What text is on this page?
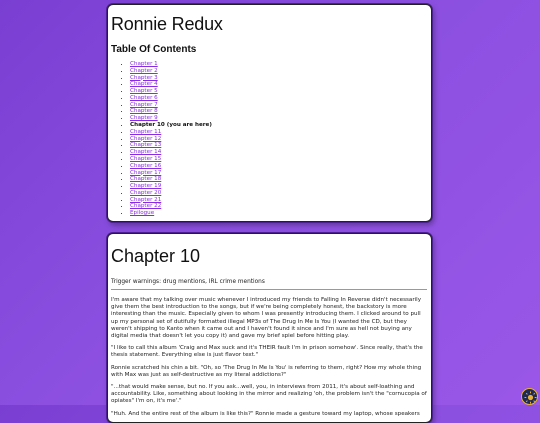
Ronnie Redux
Table Of Contents
• Chapter 1
• Chapter 2
• Chapter 3
• Chapter 4
• Chapter 5
• Chapter 6
• Chapter 7
• Chapter 8
• Chapter 9
• Chapter 10 (you are here)
• Chapter 11
• Chapter 12
• Chapter 13
• Chapter 14
• Chapter 15
• Chapter 16
• Chapter 17
• Chapter 18
• Chapter 19
• Chapter 20
• Chapter 21
• Chapter 22
• Epilogue
Chapter 10

Trigger warnings: drug mentions, IRL crime mentions

I'm aware that my talking over music whenever I introduced my friends to Falling In Reverse didn't necessarily give them the best introduction to the songs, but if we're being completely honest, the backstory is more interesting than the music. Especially given to whom I was presently introducing them. I clicked around to pull up my personal set of dutifully formatted illegal MP3s of The Drug In Me Is You (I wanted the CD, but they weren't shipping to Kanto when it came out and I haven't found it since and I'm sure as hell not buying any digital media that doesn't let you copy it) and gave my brief spiel before hitting play.

"I like to call this album 'Craig and Max suck and it's THEIR fault I'm in prison somehow'. Since really, that's the thesis statement. Everything else is just flavor text."

Ronnie scratched his chin a bit. "Oh, so 'The Drug In Me Is You' is referring to them, right? How my whole thing with Max was just as self-destructive as my literal addictions?"

"...that would make sense, but no. If you ask...well, you, in interviews from 2011, it's about self-loathing and accountability. Like, something about looking in the mirror and realizing 'oh, the problem isn't the "cornucopia of opiates" I'm on, it's me'."

"Huh. And the entire rest of the album is like this?" Ronnie made a gesture toward my laptop, whose speakers
